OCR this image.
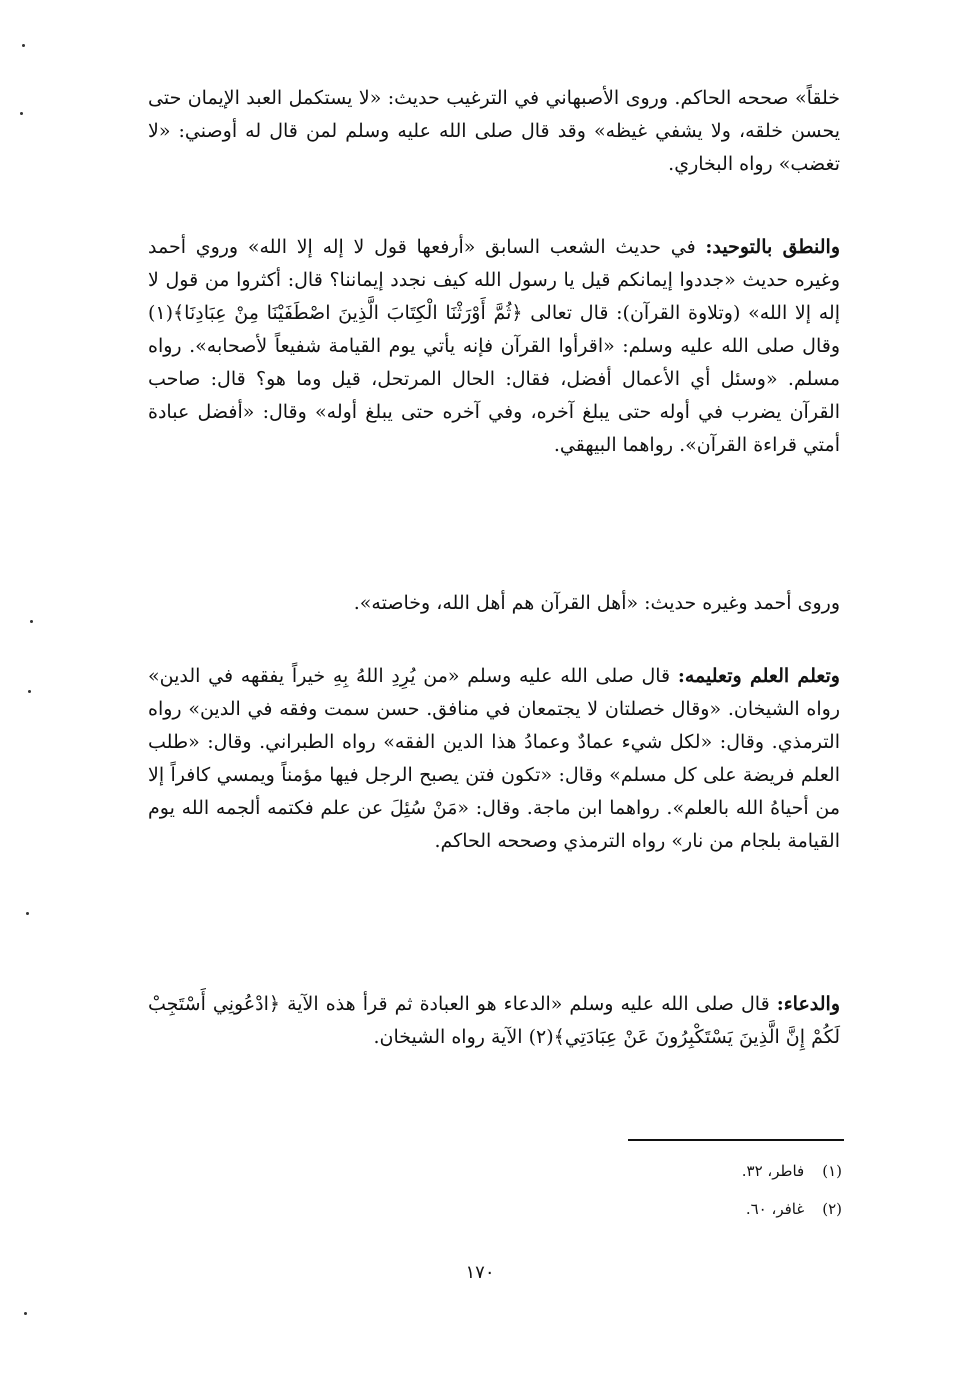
خلقاً» صححه الحاكم. وروى الأصبهاني في الترغيب حديث: «لا يستكمل العبد الإيمان حتى يحسن خلقه، ولا يشفي غيظه» وقد قال صلى الله عليه وسلم لمن قال له أوصني: «لا تغضب» رواه البخاري.

والنطق بالتوحيد: في حديث الشعب السابق «أرفعها قول لا إله إلا الله» وروي أحمد وغيره حديث «جددوا إيمانكم قيل يا رسول الله كيف نجدد إيماننا؟ قال: أكثروا من قول لا إله إلا الله» (وتلاوة القرآن): قال تعالى ﴿ثُمَّ أَوْرَثْنَا الْكِتَابَ الَّذِينَ اصْطَفَيْنَا مِنْ عِبَادِنَا﴾(١) وقال صلى الله عليه وسلم: «اقرأوا القرآن فإنه يأتي يوم القيامة شفيعاً لأصحابه». رواه مسلم. «وسئل أي الأعمال أفضل، فقال: الحال المرتحل، قيل وما هو؟ قال: صاحب القرآن يضرب في أوله حتى يبلغ آخره، وفي آخره حتى يبلغ أوله» وقال: «أفضل عبادة أمتي قراءة القرآن». رواهما البيهقي.

وروى أحمد وغيره حديث: «أهل القرآن هم أهل الله، وخاصته».

وتعلم العلم وتعليمه: قال صلى الله عليه وسلم «من يُرِدِ اللهُ بِهِ خيراً يفقهه في الدين» رواه الشيخان. «وقال خصلتان لا يجتمعان في منافق. حسن سمت وفقه في الدين» رواه الترمذي. وقال: «لكل شيء عمادٌ وعمادُ هذا الدين الفقه» رواه الطبراني. وقال: «طلب العلم فريضة على كل مسلم» وقال: «تكون فتن يصبح الرجل فيها مؤمناً ويمسي كافراً إلا من أحياهُ الله بالعلم». رواهما ابن ماجة. وقال: «مَنْ سُئِلَ عن علم فكتمه ألجمه الله يوم القيامة بلجام من نار» رواه الترمذي وصححه الحاكم.

والدعاء: قال صلى الله عليه وسلم «الدعاء هو العبادة ثم قرأ هذه الآية ﴿ادْعُونِي أَسْتَجِبْ لَكُمْ إِنَّ الَّذِينَ يَسْتَكْبِرُونَ عَنْ عِبَادَتِي﴾(٢) الآية رواه الشيخان.

(١)فاطر، ٣٢.
(٢)غافر، ٦٠.
١٧٠
